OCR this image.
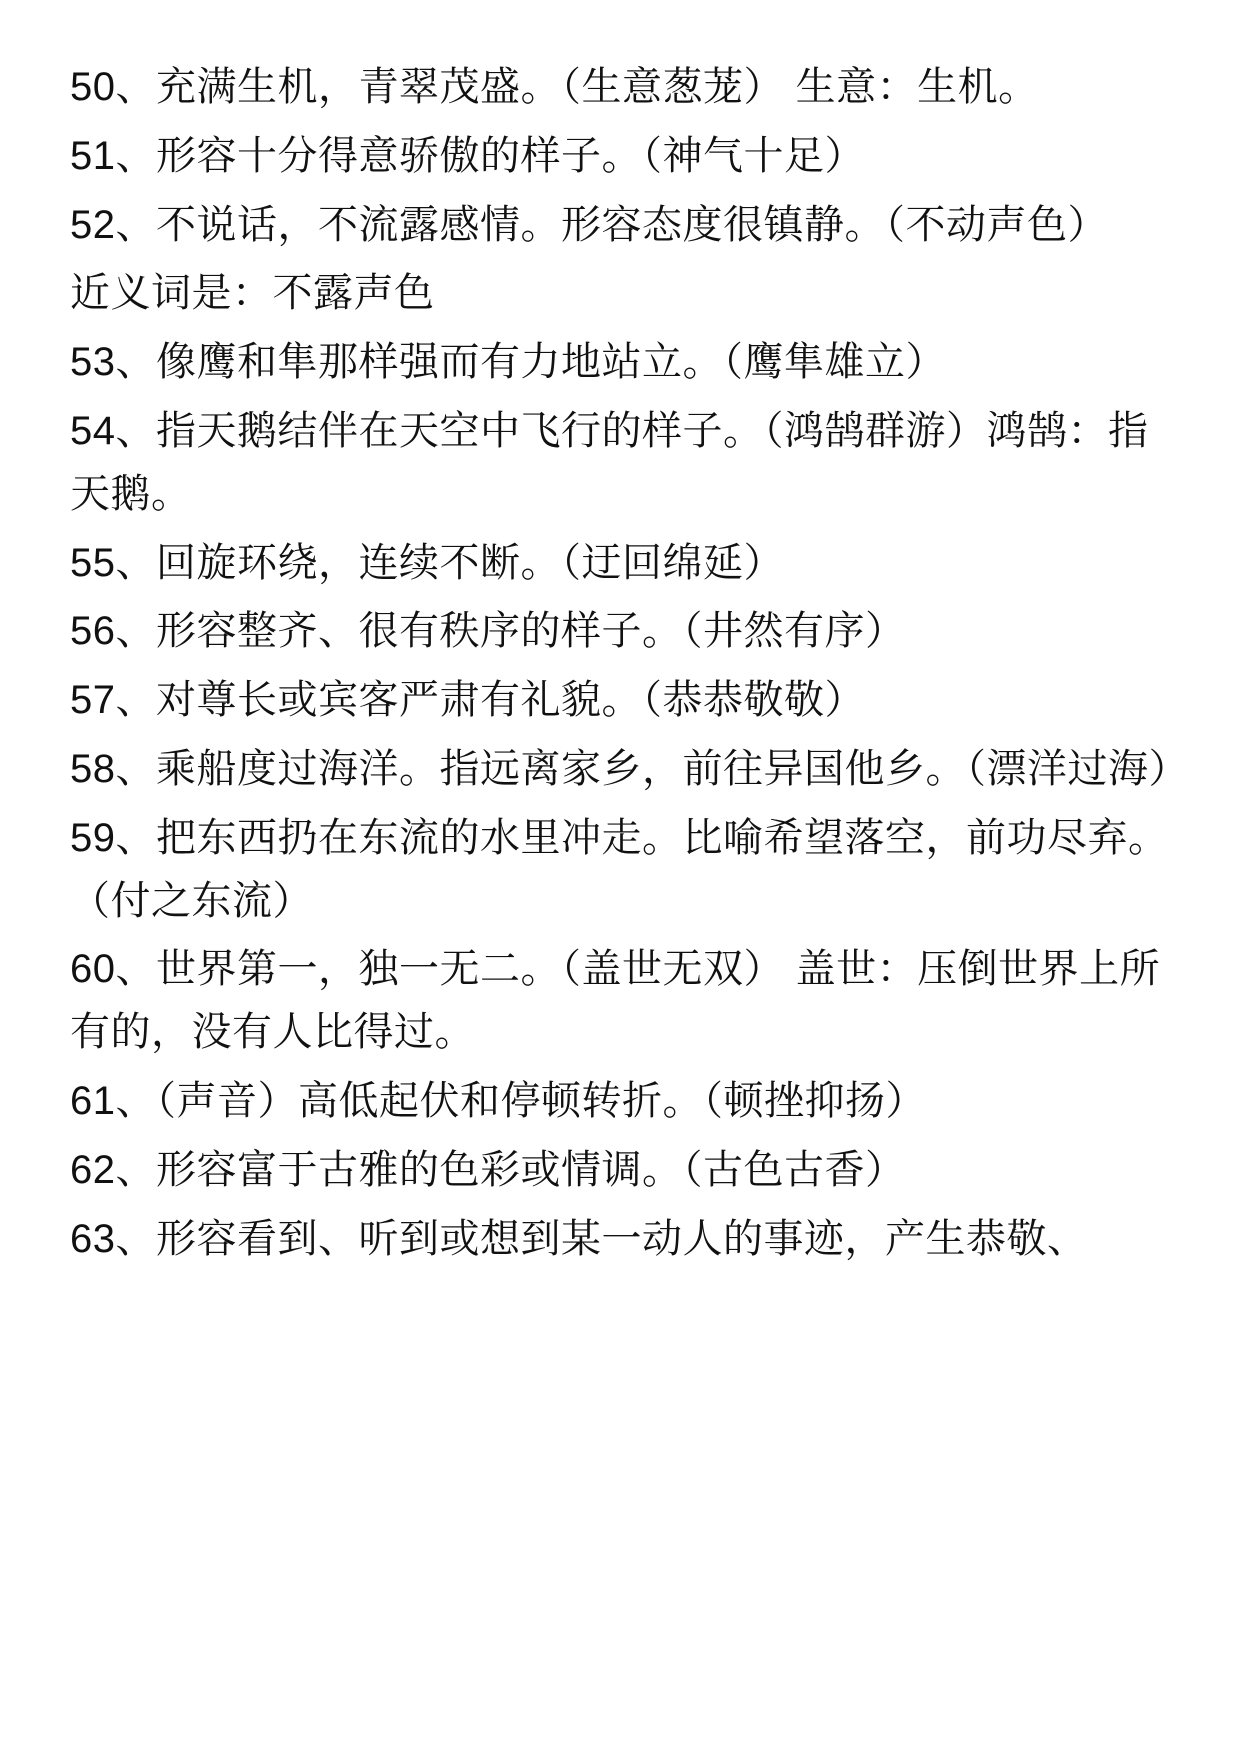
50、充满生机，青翠茂盛。（生意葱茏） 生意：生机。

51、形容十分得意骄傲的样子。（神气十足）

52、不说话，不流露感情。形容态度很镇静。（不动声色）

近义词是：不露声色

53、像鹰和隼那样强而有力地站立。（鹰隼雄立）

54、指天鹅结伴在天空中飞行的样子。（鸿鹄群游）鸿鹄：指天鹅。

55、回旋环绕，连续不断。（迂回绵延）

56、形容整齐、很有秩序的样子。（井然有序）

57、对尊长或宾客严肃有礼貌。（恭恭敬敬）

58、乘船度过海洋。指远离家乡，前往异国他乡。（漂洋过海）

59、把东西扔在东流的水里冲走。比喻希望落空，前功尽弃。（付之东流）

60、世界第一，独一无二。（盖世无双） 盖世：压倒世界上所有的，没有人比得过。

61、（声音）高低起伏和停顿转折。（顿挫抑扬）

62、形容富于古雅的色彩或情调。（古色古香）

63、形容看到、听到或想到某一动人的事迹，产生恭敬、
